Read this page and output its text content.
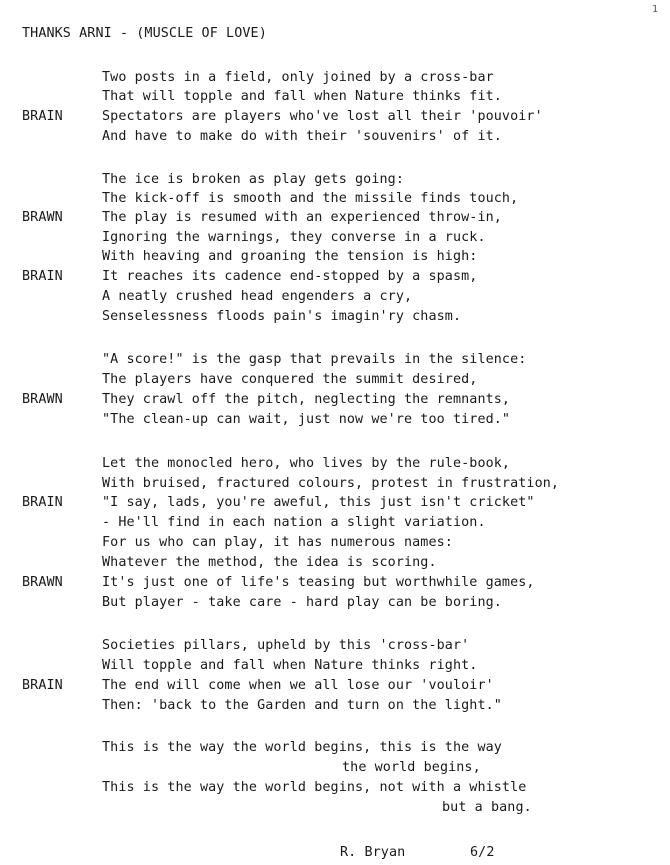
1
THANKS ARNI - (MUSCLE OF LOVE)
Two posts in a field, only joined by a cross-bar
That will topple and fall when Nature thinks fit.
BRAIN	Spectators are players who've lost all their 'pouvoir'
And have to make do with their 'souvenirs' of it.
The ice is broken as play gets going:
The kick-off is smooth and the missile finds touch,
BRAWN	The play is resumed with an experienced throw-in,
Ignoring the warnings, they converse in a ruck.
With heaving and groaning the tension is high:
BRAIN	It reaches its cadence end-stopped by a spasm,
A neatly crushed head engenders a cry,
Senselessness floods pain's imagin'ry chasm.
"A score!" is the gasp that prevails in the silence:
The players have conquered the summit desired,
BRAWN	They crawl off the pitch, neglecting the remnants,
"The clean-up can wait, just now we're too tired."
Let the monocled hero, who lives by the rule-book,
With bruised, fractured colours, protest in frustration,
BRAIN	"I say, lads, you're aweful, this just isn't cricket"
- He'll find in each nation a slight variation.
For us who can play, it has numerous names:
Whatever the method, the idea is scoring.
BRAWN	It's just one of life's teasing but worthwhile games,
But player - take care - hard play can be boring.
Societies pillars, upheld by this 'cross-bar'
Will topple and fall when Nature thinks right.
BRAIN	The end will come when we all lose our 'vouloir'
Then: 'back to the Garden and turn on the light."
This is the way the world begins, this is the way
the world begins,
This is the way the world begins, not with a whistle
but a bang.
R. Bryan	6/2
